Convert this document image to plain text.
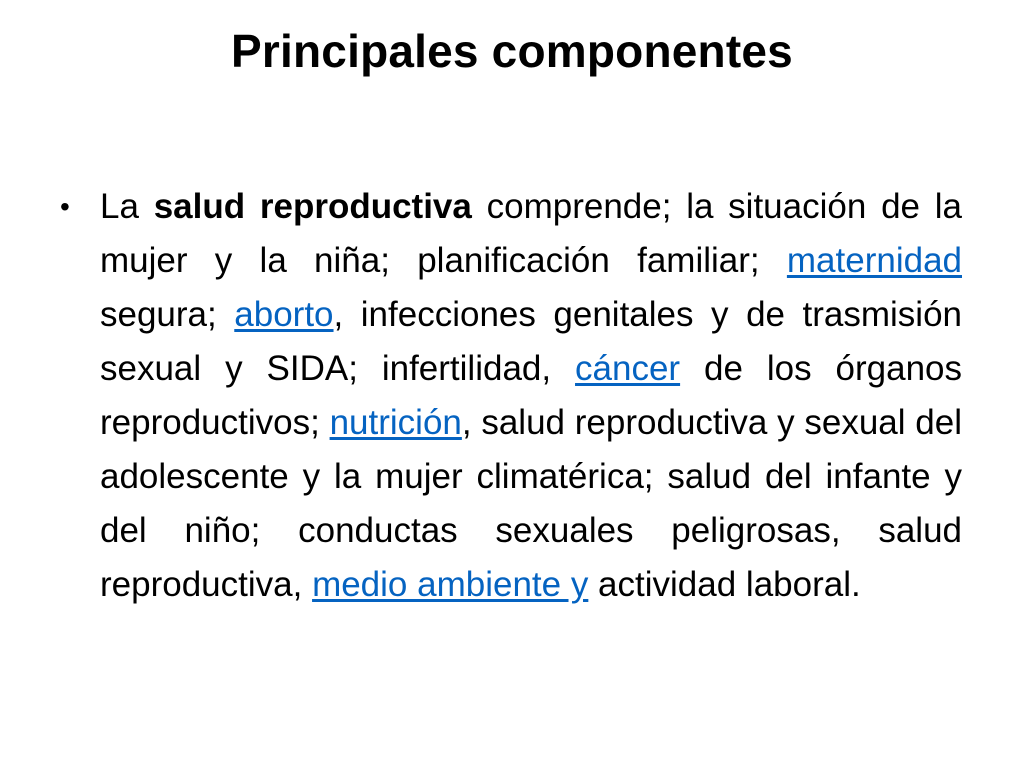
Principales componentes
• La salud reproductiva comprende; la situación de la mujer y la niña; planificación familiar; maternidad segura; aborto, infecciones genitales y de trasmisión sexual y SIDA; infertilidad, cáncer de los órganos reproductivos; nutrición, salud reproductiva y sexual del adolescente y la mujer climatérica; salud del infante y del niño; conductas sexuales peligrosas, salud reproductiva, medio ambiente y actividad laboral.
